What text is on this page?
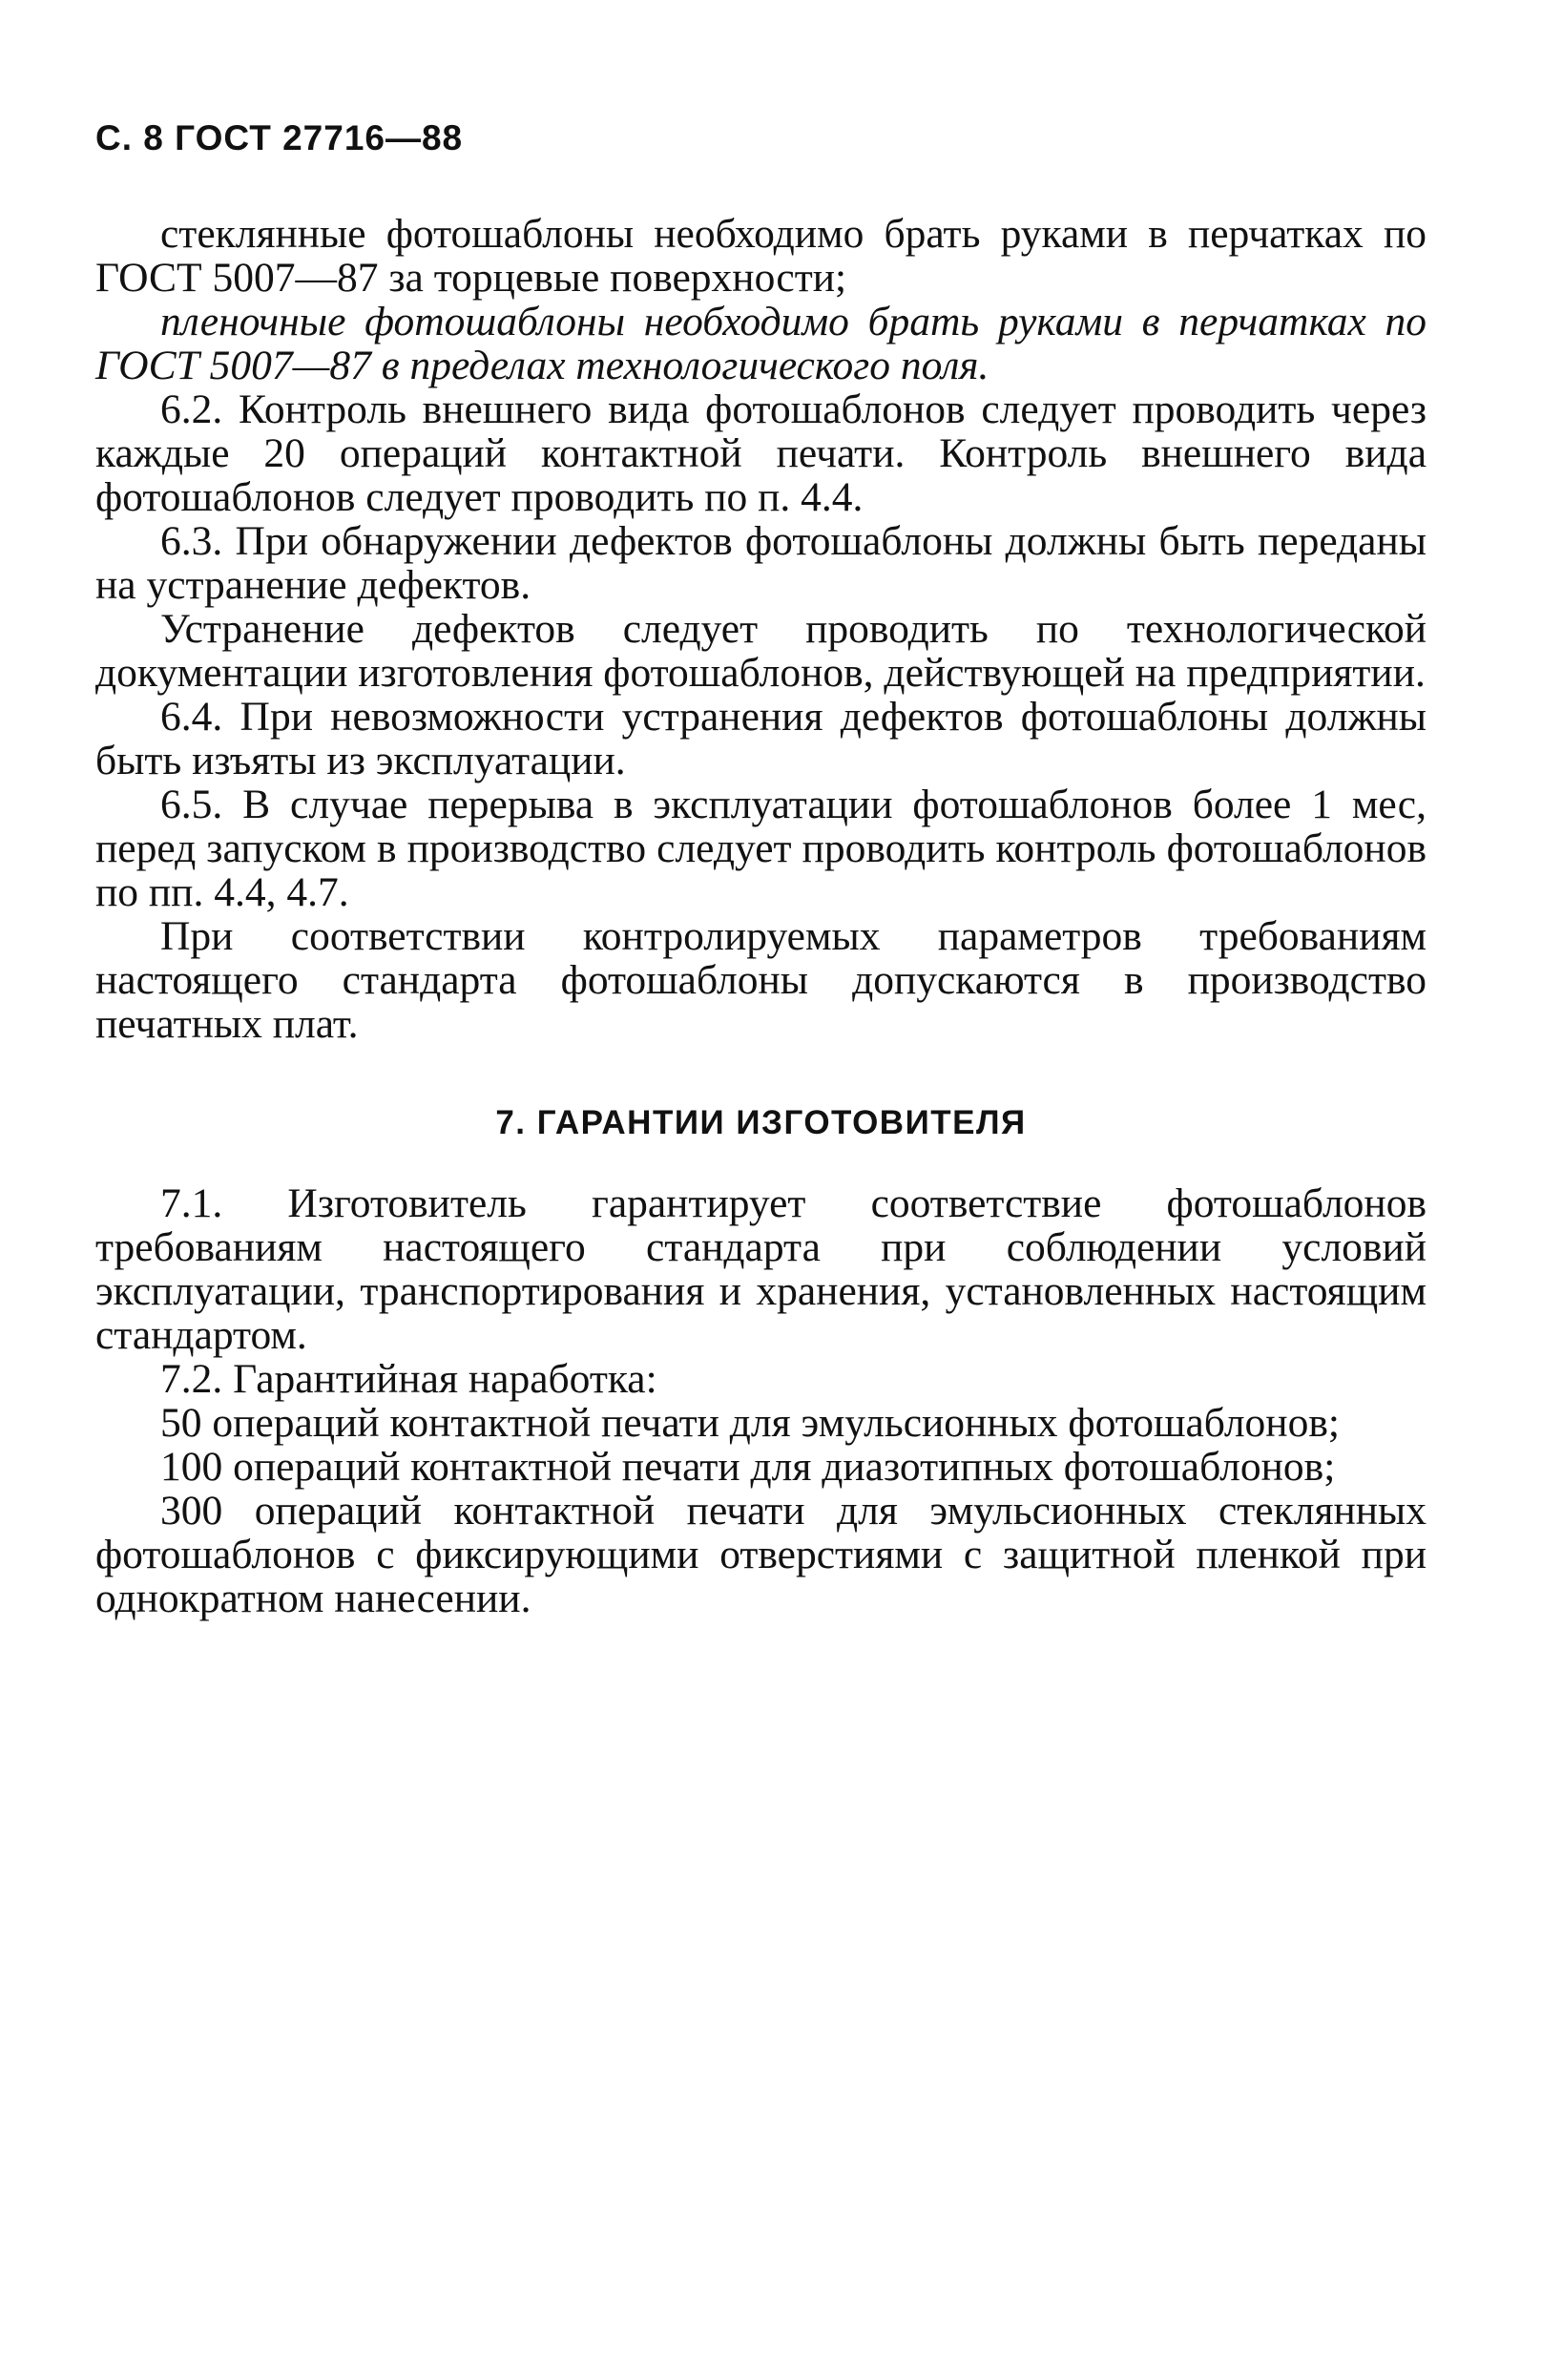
С. 8 ГОСТ 27716—88

стеклянные фотошаблоны необходимо брать руками в перчатках по ГОСТ 5007—87 за торцевые поверхности;

пленочные фотошаблоны необходимо брать руками в перчатках по ГОСТ 5007—87 в пределах технологического поля.

6.2. Контроль внешнего вида фотошаблонов следует проводить через каждые 20 операций контактной печати. Контроль внешнего вида фотошаблонов следует проводить по п. 4.4.

6.3. При обнаружении дефектов фотошаблоны должны быть переданы на устранение дефектов.

Устранение дефектов следует проводить по технологической документации изготовления фотошаблонов, действующей на предприятии.

6.4. При невозможности устранения дефектов фотошаблоны должны быть изъяты из эксплуатации.

6.5. В случае перерыва в эксплуатации фотошаблонов более 1 мес, перед запуском в производство следует проводить контроль фотошаблонов по пп. 4.4, 4.7.

При соответствии контролируемых параметров требованиям настоящего стандарта фотошаблоны допускаются в производство печатных плат.

7. ГАРАНТИИ ИЗГОТОВИТЕЛЯ

7.1. Изготовитель гарантирует соответствие фотошаблонов требованиям настоящего стандарта при соблюдении условий эксплуатации, транспортирования и хранения, установленных настоящим стандартом.

7.2. Гарантийная наработка:

50 операций контактной печати для эмульсионных фотошаблонов;

100 операций контактной печати для диазотипных фотошаблонов;

300 операций контактной печати для эмульсионных стеклянных фотошаблонов с фиксирующими отверстиями с защитной пленкой при однократном нанесении.
